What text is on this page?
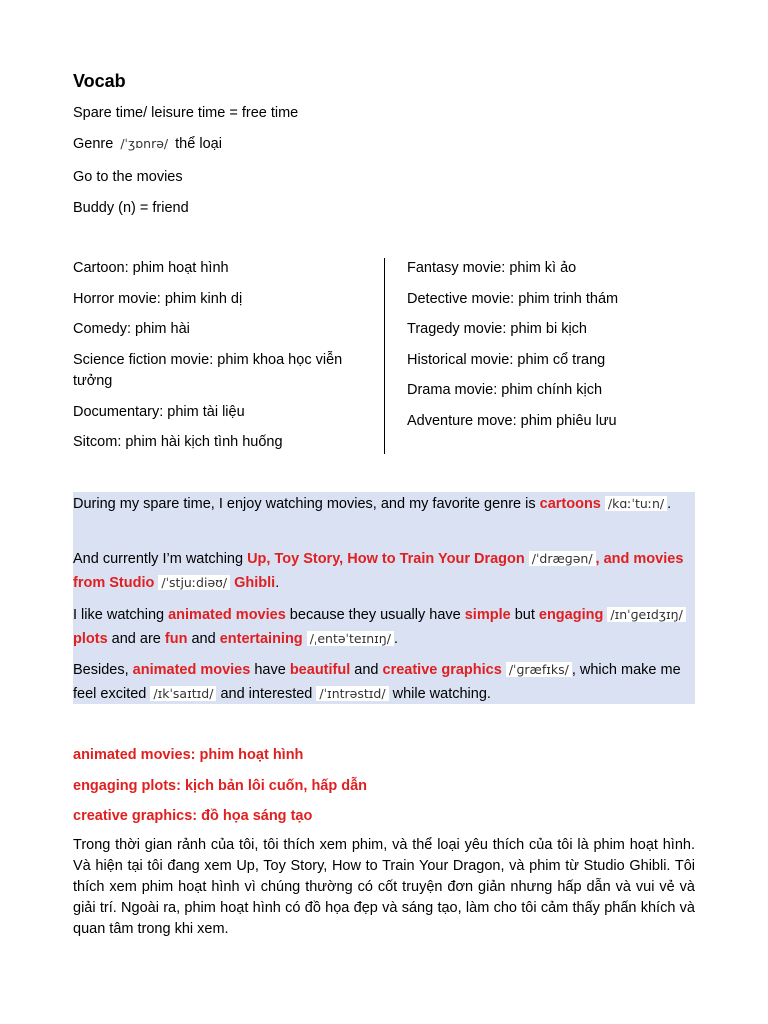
Vocab
Spare time/ leisure time = free time
Genre /ˈʒɒnrə/ thể loại
Go to the movies
Buddy (n) = friend
Cartoon: phim hoạt hình
Horror movie: phim kinh dị
Comedy: phim hài
Science fiction movie: phim khoa học viễn tưởng
Documentary: phim tài liệu
Sitcom: phim hài kịch tình huống
Fantasy movie: phim kì ảo
Detective movie: phim trinh thám
Tragedy movie: phim bi kịch
Historical movie: phim cổ trang
Drama movie: phim chính kịch
Adventure move: phim phiêu lưu
During my spare time, I enjoy watching movies, and my favorite genre is cartoons /kɑːˈtuːn/ .
And currently I’m watching Up, Toy Story, How to Train Your Dragon /ˈdræɡən/ , and movies from Studio /ˈstjuːdiəʊ/ Ghibli.
I like watching animated movies because they usually have simple but engaging /ɪnˈɡeɪdʒɪŋ/ plots and are fun and entertaining /ˌentəˈteɪnɪŋ/ .
Besides, animated movies have beautiful and creative graphics /ˈɡræfɪks/ , which make me feel excited /ɪkˈsaɪtɪd/ and interested /ˈɪntrəstɪd/ while watching.
animated movies: phim hoạt hình
engaging plots: kịch bản lôi cuốn, hấp dẫn
creative graphics: đồ họa sáng tạo
Trong thời gian rảnh của tôi, tôi thích xem phim, và thể loại yêu thích của tôi là phim hoạt hình. Và hiện tại tôi đang xem Up, Toy Story, How to Train Your Dragon, và phim từ Studio Ghibli. Tôi thích xem phim hoạt hình vì chúng thường có cốt truyện đơn giản nhưng hấp dẫn và vui vẻ và giải trí. Ngoài ra, phim hoạt hình có đồ họa đẹp và sáng tạo, làm cho tôi cảm thấy phấn khích và quan tâm trong khi xem.
